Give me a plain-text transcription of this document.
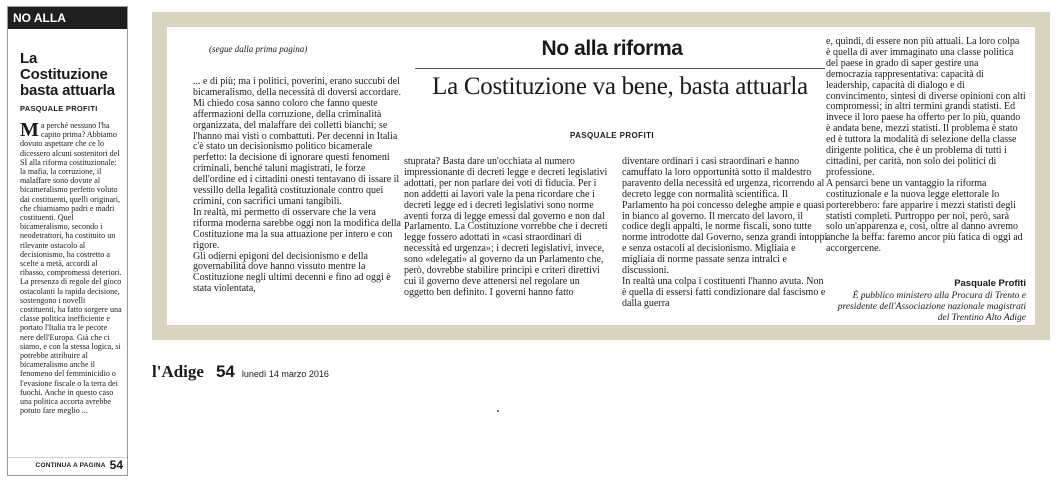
NO ALLA RIFORMA
La Costituzione
basta attuarla
PASQUALE PROFITI
M a perché nessuno l'ha capito prima? Abbiamo dovuto aspettare che ce lo dicessero alcuni sostenitori del SÌ alla riforma costituzionale: la mafia, la corruzione, il malaffare sono dovute al bicameralismo perfetto voluto dai costituenti, quelli originari, che chiamiamo padri e madri costituenti. Quel bicameralismo, secondo i neodetrattori, ha costituito un rilevante ostacolo al decisionismo, ha costretto a scelte a metà, accordi al ribasso, compromessi deteriori. La presenza di regole del gioco ostacolanti la rapida decisione, sostengono i novelli costituenti, ha fatto sorgere una classe politica inefficiente e portato l'Italia tra le pecore nere dell'Europa. Già che ci siamo, e con la stessa logica, si potrebbe attribuire al bicameralismo anche il fenomeno del femminicidio o l'evasione fiscale o la terra dei fuochi. Anche in questo caso una politica accorta avrebbe potuto fare meglio ...

CONTINUA A PAGINA 54
(segue dalla prima pagina)	No alla riforma
La Costituzione va bene, basta attuarla
PASQUALE PROFITI

... e di più; ma i politici, poverini, erano succubi del bicameralismo, della necessità di doversi accordare.

Mi chiedo cosa sanno coloro che fanno queste affermazioni della corruzione, della criminalità organizzata, del malaffare dei colletti bianchi; se l'hanno mai visti o combattuti. Per decenni in Italia c'è stato un decisionismo politico bicamerale perfetto: la decisione di ignorare questi fenomeni criminali, benché taluni magistrati, le forze dell'ordine ed i cittadini onesti tentavano di issare il vessillo della legalità costituzionale contro quei crimini, con sacrifici umani tangibili.

In realtà, mi permetto di osservare che la vera riforma moderna sarebbe oggi non la modifica della Costituzione ma la sua attuazione per intero e con rigore.

Gli odierni epigoni del decisionismo e della governabilità dove hanno vissuto mentre la Costituzione negli ultimi decenni e fino ad oggi è stata violentata,

stuprata? Basta dare un'occhiata al numero impressionante di decreti legge e decreti legislativi adottati, per non parlare dei voti di fiducia. Per i non addetti ai lavori vale la pena ricordare che i decreti legge ed i decreti legislativi sono norme aventi forza di legge emessi dal governo e non dal Parlamento. La Costituzione vorrebbe che i decreti legge fossero adottati in «casi straordinari di necessità ed urgenza»; i decreti legislativi, invece, sono «delegati» al governo da un Parlamento che, però, dovrebbe stabilire principi e criteri direttivi cui il governo deve attenersi nel regolare un oggetto ben definito. I governi hanno fatto

diventare ordinari i casi straordinari e hanno camuffato la loro opportunità sotto il maldestro paravento della necessità ed urgenza, ricorrendo al decreto legge con normalità scientifica. Il Parlamento ha poi concesso deleghe ampie e quasi in bianco al governo. Il mercato del lavoro, il codice degli appalti, le norme fiscali, sono tutte norme introdotte dal Governo, senza grandi intoppi e senza ostacoli al decisionismo. Migliaia e migliaia di norme passate senza intralci e discussioni.

In realtà una colpa i costituenti l'hanno avuta. Non è quella di essersi fatti condizionare dal fascismo e dalla guerra

e, quindi, di essere non più attuali. La loro colpa è quella di aver immaginato una classe politica del paese in grado di saper gestire una democrazia rappresentativa: capacità di leadership, capacità di dialogo e di convincimento, sintesi di diverse opinioni con alti compromessi; in altri termini grandi statisti. Ed invece il loro paese ha offerto per lo più, quando è andata bene, mezzi statisti. Il problema è stato ed è tuttora la modalità di selezione della classe dirigente politica, che è un problema di tutti i cittadini, per carità, non solo dei politici di professione.

A pensarci bene un vantaggio la riforma costituzionale e la nuova legge elettorale lo porterebbero: fare apparire i mezzi statisti degli statisti completi. Purtroppo per noi, però, sarà solo un'apparenza e, così, oltre al danno avremo anche la beffa: faremo ancor più fatica di oggi ad accorgercene.

Pasquale Profiti
È pubblico ministero alla Procura di Trento e presidente dell'Associazione nazionale magistrati del Trentino Alto Adige
l'Adige 54 lunedì 14 marzo 2016
